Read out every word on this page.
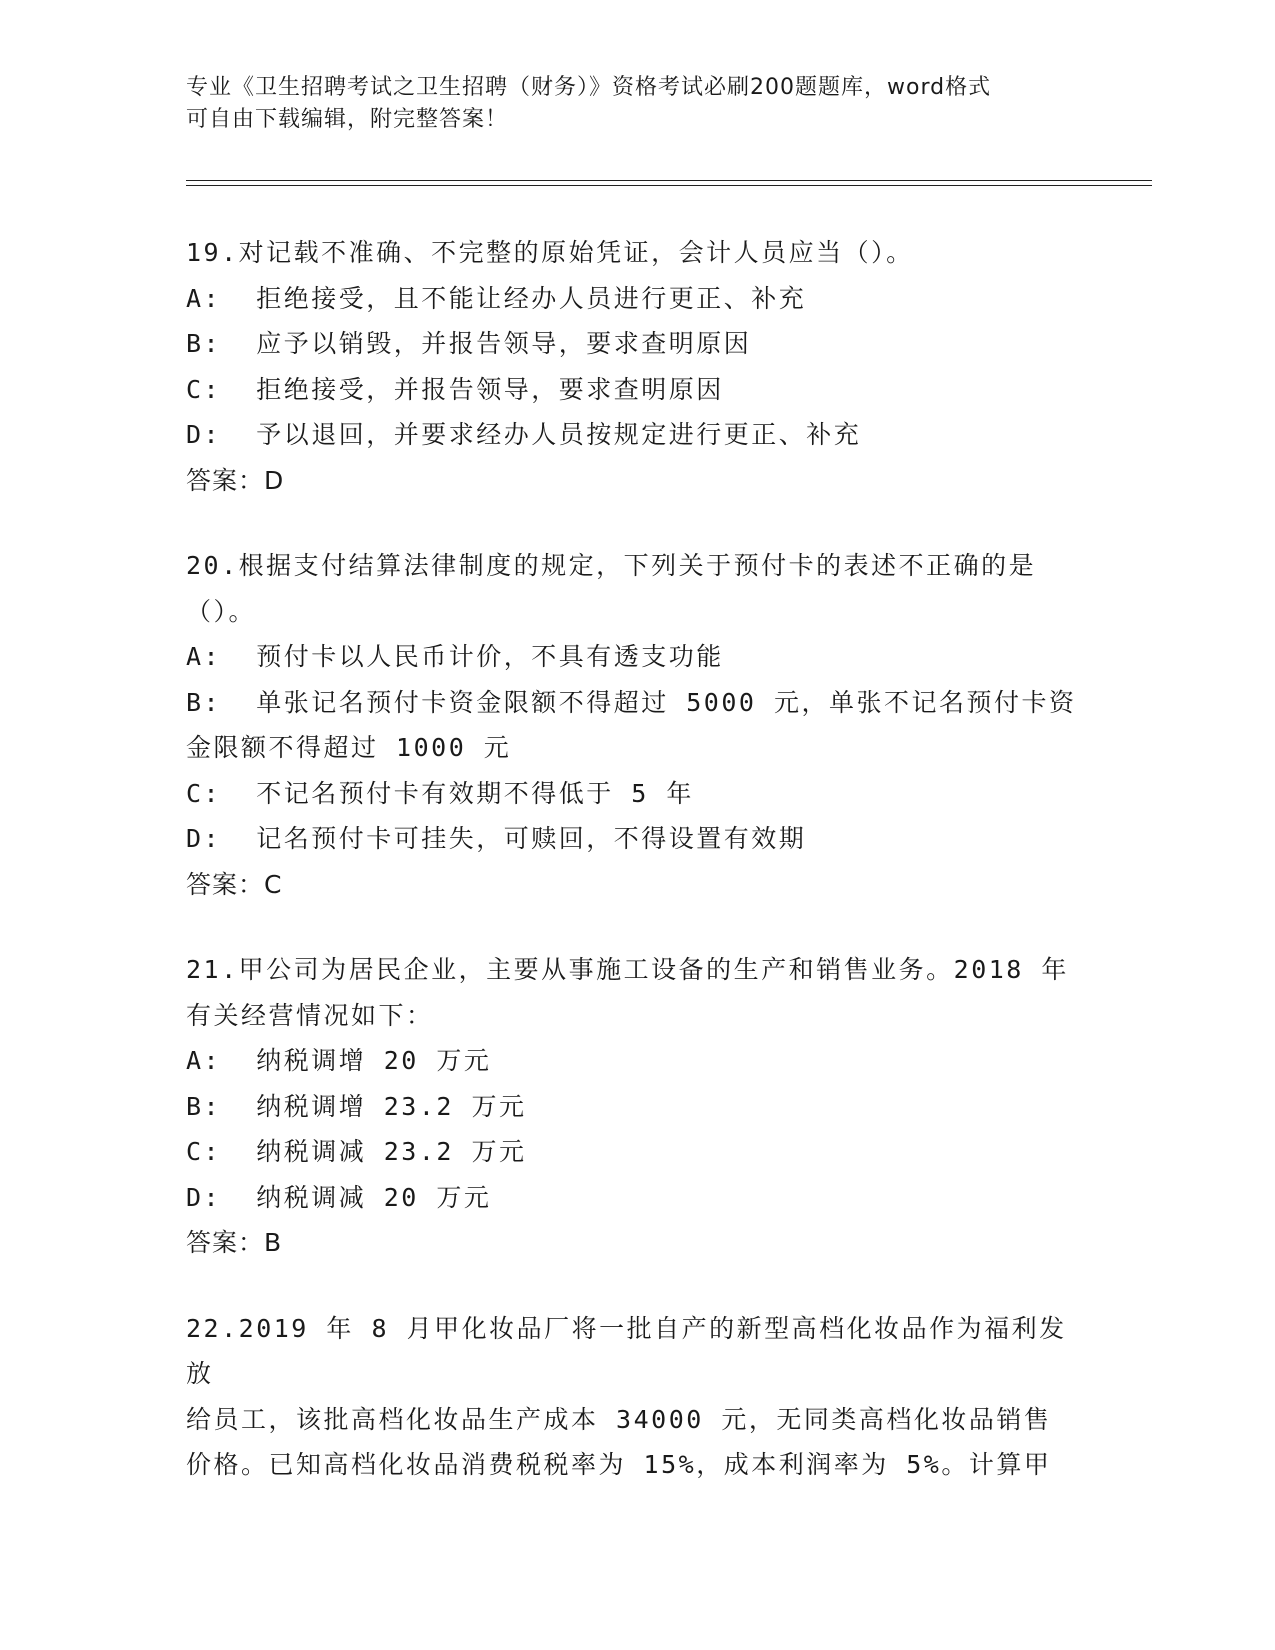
专业《卫生招聘考试之卫生招聘（财务）》资格考试必刷200题题库，word格式
可自由下载编辑，附完整答案！
19.对记载不准确、不完整的原始凭证，会计人员应当（）。
A:  拒绝接受，且不能让经办人员进行更正、补充
B:  应予以销毁，并报告领导，要求查明原因
C:  拒绝接受，并报告领导，要求查明原因
D:  予以退回，并要求经办人员按规定进行更正、补充
答案：D
20.根据支付结算法律制度的规定，下列关于预付卡的表述不正确的是
（）。
A:  预付卡以人民币计价，不具有透支功能
B:  单张记名预付卡资金限额不得超过 5000 元，单张不记名预付卡资
金限额不得超过 1000 元
C:  不记名预付卡有效期不得低于 5 年
D:  记名预付卡可挂失，可赎回，不得设置有效期
答案：C
21.甲公司为居民企业，主要从事施工设备的生产和销售业务。2018 年
有关经营情况如下：
A:  纳税调增 20 万元
B:  纳税调增 23.2 万元
C:  纳税调减 23.2 万元
D:  纳税调减 20 万元
答案：B
22.2019 年 8 月甲化妆品厂将一批自产的新型高档化妆品作为福利发放
给员工，该批高档化妆品生产成本 34000 元，无同类高档化妆品销售
价格。已知高档化妆品消费税税率为 15%，成本利润率为 5%。计算甲
